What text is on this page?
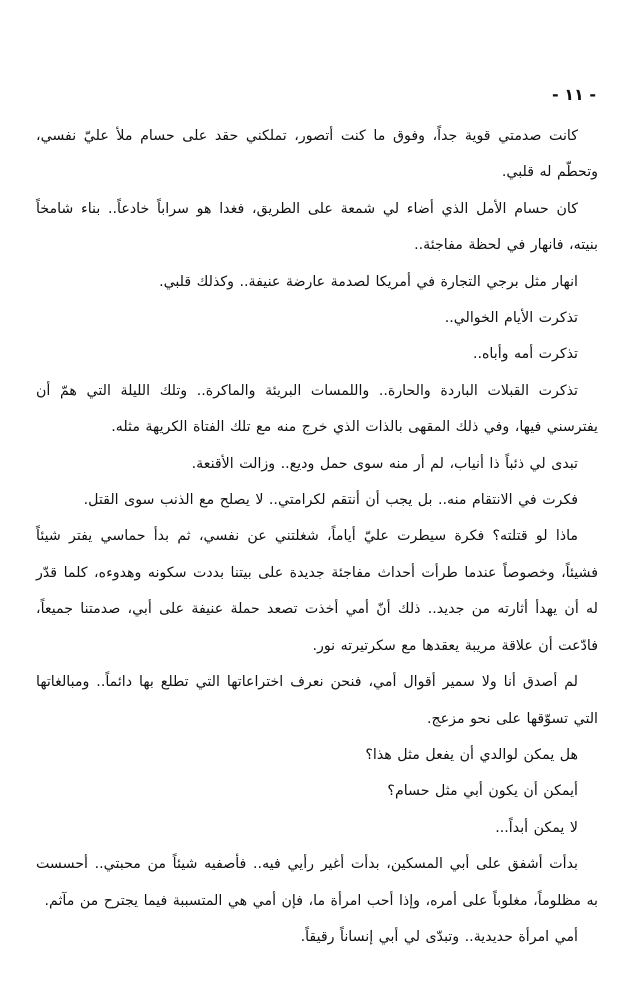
- ١١ -

كانت صدمتي قوية جداً، وفوق ما كنت أتصور، تملكني حقد على حسام ملأ عليّ نفسي، وتحطّم له قلبي.

كان حسام الأمل الذي أضاء لي شمعة على الطريق، فغدا هو سراباً خادعاً.. بناء شامخاً بنيته، فانهار في لحظة مفاجئة..

انهار مثل برجي التجارة في أمريكا لصدمة عارضة عنيفة.. وكذلك قلبي.

تذكرت الأيام الخوالي..

تذكرت أمه وأباه..

تذكرت القبلات الباردة والحارة.. واللمسات البريئة والماكرة.. وتلك الليلة التي همّ أن يفترسني فيها، وفي ذلك المقهى بالذات الذي خرج منه مع تلك الفتاة الكريهة مثله.

تبدى لي ذئباً ذا أنياب، لم أر منه سوى حمل وديع.. وزالت الأقنعة.

فكرت في الانتقام منه.. بل يجب أن أنتقم لكرامتي.. لا يصلح مع الذنب سوى القتل.

ماذا لو قتلته؟ فكرة سيطرت عليّ أياماً، شغلتني عن نفسي، ثم بدأ حماسي يفتر شيئاً فشيئاً، وخصوصاً عندما طرأت أحداث مفاجئة جديدة على بيتنا بددت سكونه وهدوءه، كلما قدّر له أن يهدأ أثارته من جديد.. ذلك أنّ أمي أخذت تصعد حملة عنيفة على أبي، صدمتنا جميعاً، فادّعت أن علاقة مريبة يعقدها مع سكرتيرته نور.

لم أصدق أنا ولا سمير أقوال أمي، فنحن نعرف اختراعاتها التي تطلع بها دائماً.. ومبالغاتها التي تسوّقها على نحو مزعج.

هل يمكن لوالدي أن يفعل مثل هذا؟

أيمكن أن يكون أبي مثل حسام؟

لا يمكن أبداً...

بدأت أشفق على أبي المسكين، بدأت أغير رأيي فيه.. فأصفيه شيئاً من محبتي.. أحسست به مظلوماً، مغلوباً على أمره، وإذا أحب امرأة ما، فإن أمي هي المتسببة فيما يجترح من مآثم.

أمي امرأة حديدية.. وتبدّى لي أبي إنساناً رقيقاً.
